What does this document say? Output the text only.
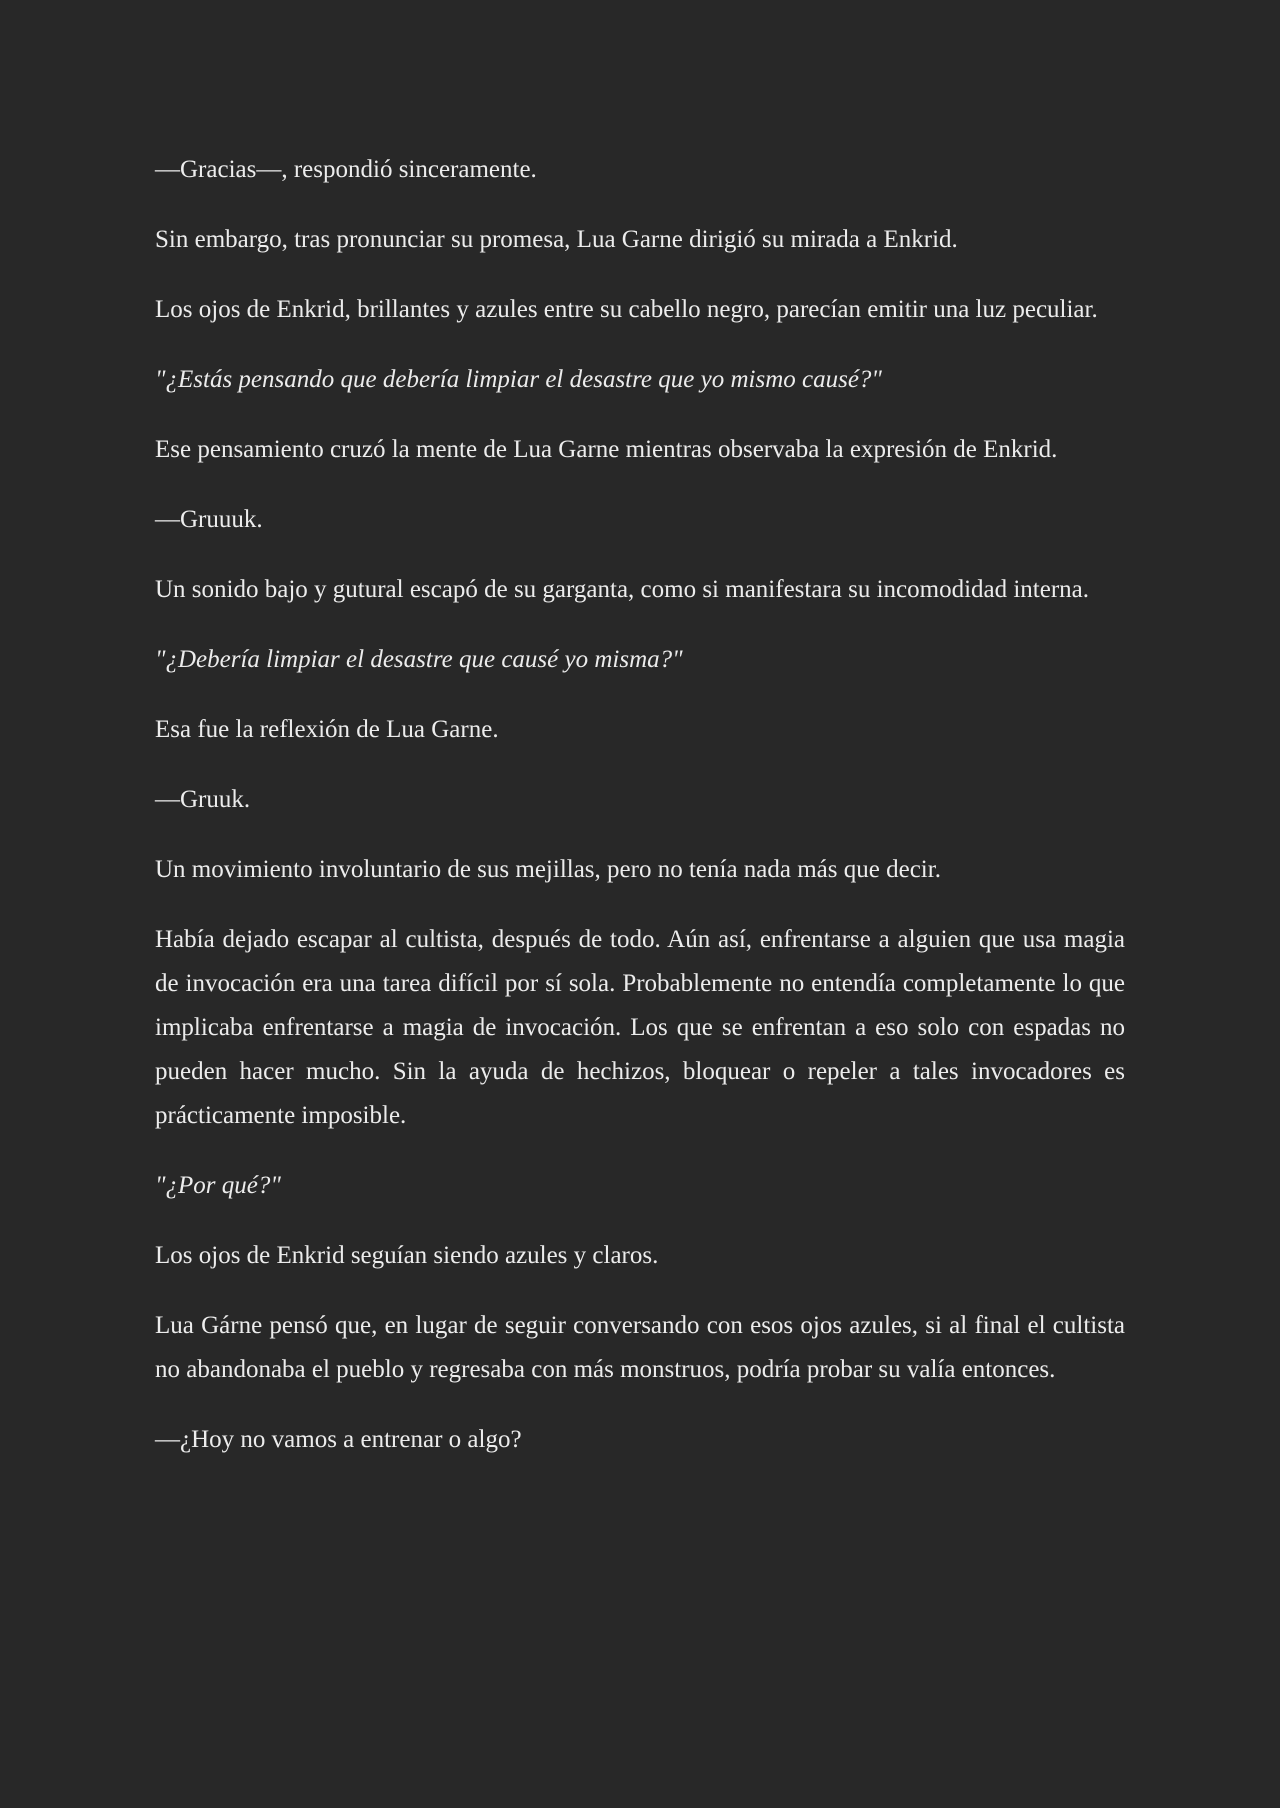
—Gracias—, respondió sinceramente.

Sin embargo, tras pronunciar su promesa, Lua Garne dirigió su mirada a Enkrid.

Los ojos de Enkrid, brillantes y azules entre su cabello negro, parecían emitir una luz peculiar.

"¿Estás pensando que debería limpiar el desastre que yo mismo causé?"

Ese pensamiento cruzó la mente de Lua Garne mientras observaba la expresión de Enkrid.

—Gruuuk.

Un sonido bajo y gutural escapó de su garganta, como si manifestara su incomodidad interna.

"¿Debería limpiar el desastre que causé yo misma?"

Esa fue la reflexión de Lua Garne.

—Gruuk.

Un movimiento involuntario de sus mejillas, pero no tenía nada más que decir.

Había dejado escapar al cultista, después de todo. Aún así, enfrentarse a alguien que usa magia de invocación era una tarea difícil por sí sola. Probablemente no entendía completamente lo que implicaba enfrentarse a magia de invocación. Los que se enfrentan a eso solo con espadas no pueden hacer mucho. Sin la ayuda de hechizos, bloquear o repeler a tales invocadores es prácticamente imposible.

"¿Por qué?"

Los ojos de Enkrid seguían siendo azules y claros.

Lua Gárne pensó que, en lugar de seguir conversando con esos ojos azules, si al final el cultista no abandonaba el pueblo y regresaba con más monstruos, podría probar su valía entonces.

—¿Hoy no vamos a entrenar o algo?
